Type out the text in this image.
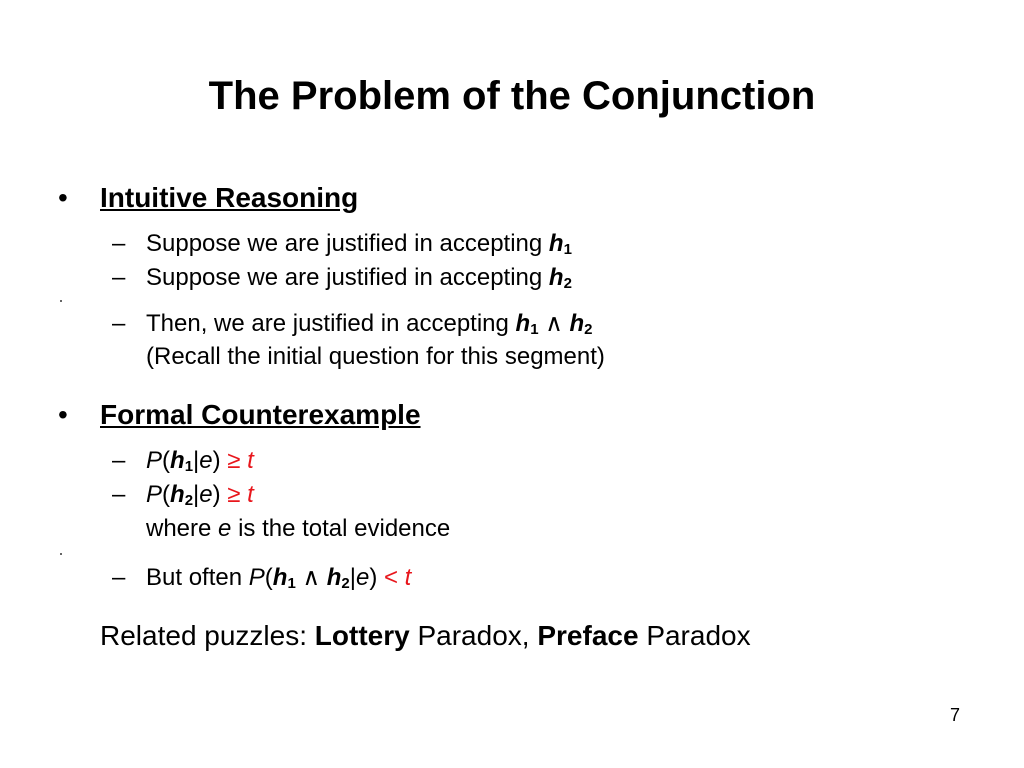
The Problem of the Conjunction
• Intuitive Reasoning
– Suppose we are justified in accepting $h_1$
– Suppose we are justified in accepting $h_2$
– Then, we are justified in accepting $h_1$ ∧ $h_2$
(Recall the initial question for this segment)
• Formal Counterexample
– $P(h_1|e) \ge t$
– $P(h_2|e) \ge t$
where e is the total evidence
– But often $P(h_1$ ∧ $h_2|e) < t$
Related puzzles: Lottery Paradox, Preface Paradox
7
